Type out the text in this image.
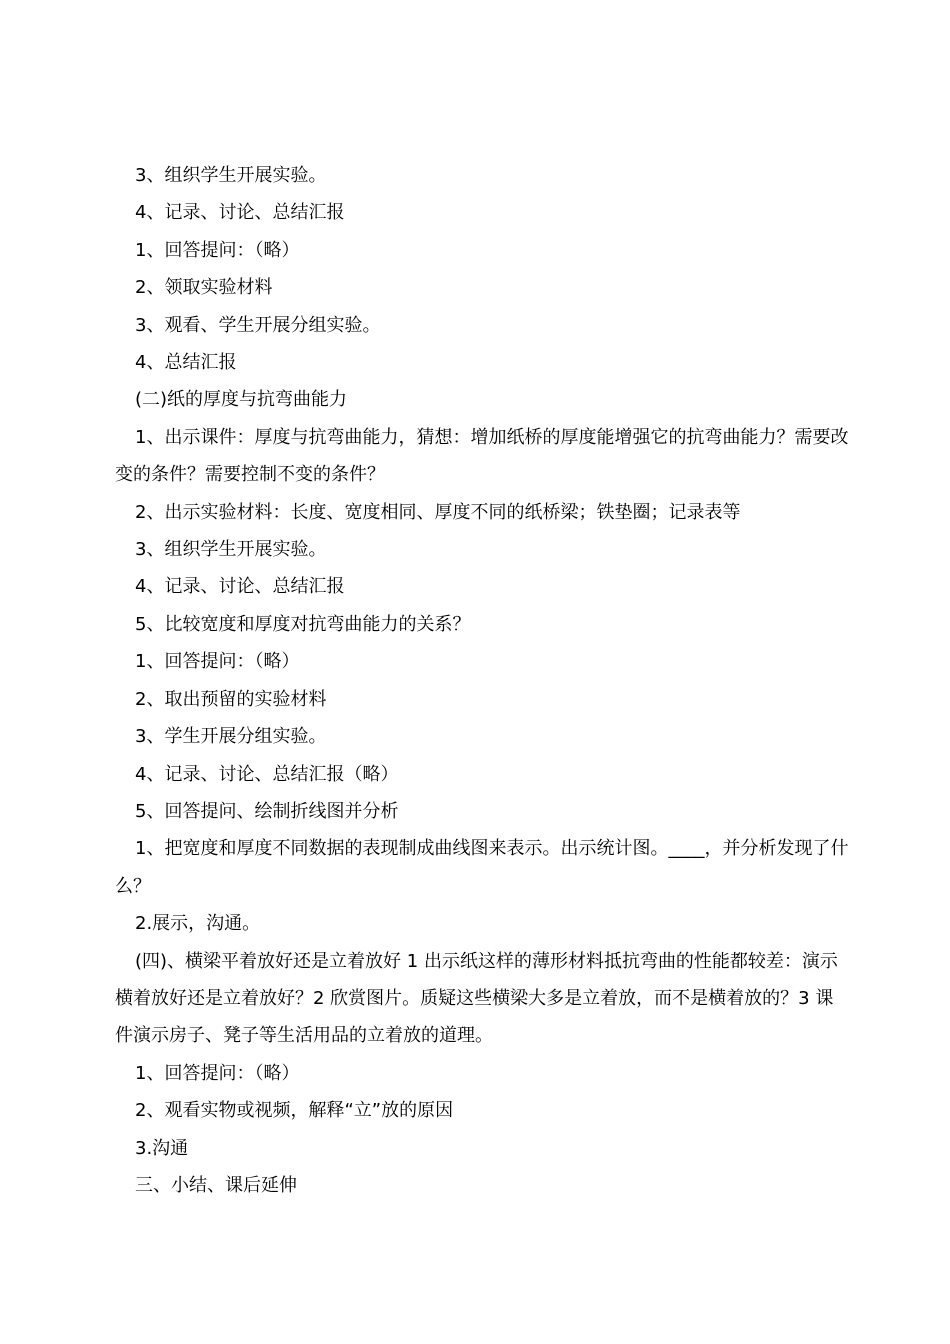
3、组织学生开展实验。

4、记录、讨论、总结汇报

1、回答提问：（略）

2、领取实验材料

3、观看、学生开展分组实验。

4、总结汇报

(二)纸的厚度与抗弯曲能力

1、出示课件：厚度与抗弯曲能力，猜想：增加纸桥的厚度能增强它的抗弯曲能力？需要改变的条件？需要控制不变的条件？

2、出示实验材料：长度、宽度相同、厚度不同的纸桥梁；铁垫圈；记录表等

3、组织学生开展实验。

4、记录、讨论、总结汇报

5、比较宽度和厚度对抗弯曲能力的关系？

1、回答提问：（略）

2、取出预留的实验材料

3、学生开展分组实验。

4、记录、讨论、总结汇报（略）

5、回答提问、绘制折线图并分析

1、把宽度和厚度不同数据的表现制成曲线图来表示。出示统计图。____，并分析发现了什么？

2.展示，沟通。

(四)、横梁平着放好还是立着放好 1 出示纸这样的薄形材料抵抗弯曲的性能都较差：演示横着放好还是立着放好？2 欣赏图片。质疑这些横梁大多是立着放，而不是横着放的？3 课件演示房子、凳子等生活用品的立着放的道理。

1、回答提问：（略）

2、观看实物或视频，解释“立”放的原因

3.沟通

三、小结、课后延伸
